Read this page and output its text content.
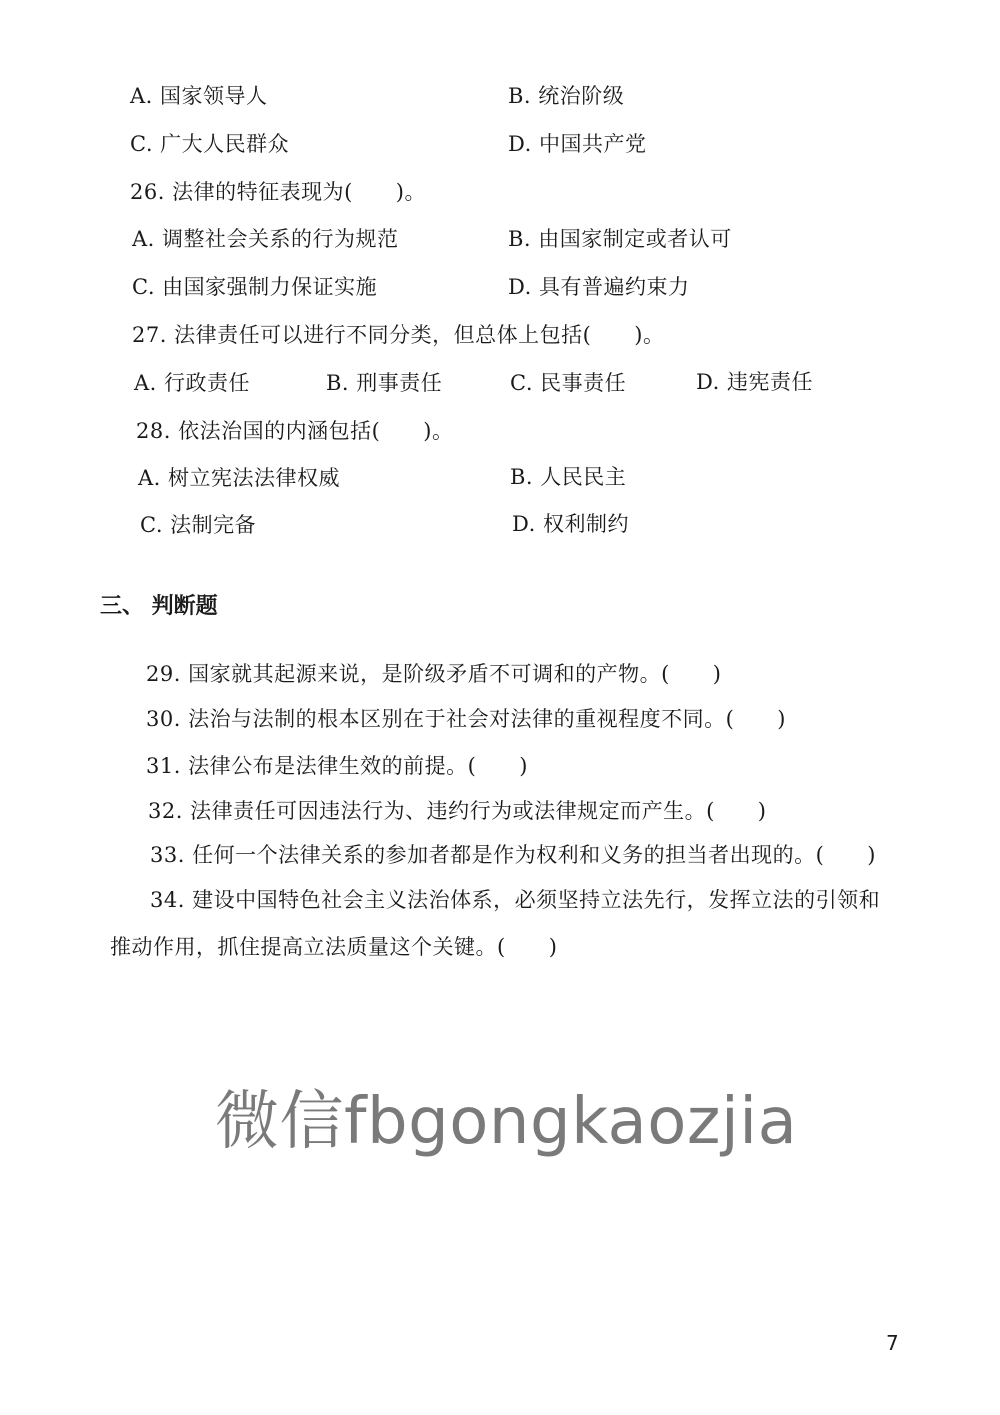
A. 国家领导人	B. 统治阶级
C. 广大人民群众	D. 中国共产党
26. 法律的特征表现为(　　)。
A. 调整社会关系的行为规范	B. 由国家制定或者认可
C. 由国家强制力保证实施	D. 具有普遍约束力
27. 法律责任可以进行不同分类，但总体上包括(　　)。
A. 行政责任	B. 刑事责任	C. 民事责任	D. 违宪责任
28. 依法治国的内涵包括(　　)。
A. 树立宪法法律权威	B. 人民民主
C. 法制完备	D. 权利制约
三、 判断题
29. 国家就其起源来说，是阶级矛盾不可调和的产物。(　　)
30. 法治与法制的根本区别在于社会对法律的重视程度不同。(　　)
31. 法律公布是法律生效的前提。(　　)
32. 法律责任可因违法行为、违约行为或法律规定而产生。(　　)
33. 任何一个法律关系的参加者都是作为权利和义务的担当者出现的。(　　)
34. 建设中国特色社会主义法治体系，必须坚持立法先行，发挥立法的引领和
推动作用，抓住提高立法质量这个关键。(　　)
微信fbgongkaozjia
7
